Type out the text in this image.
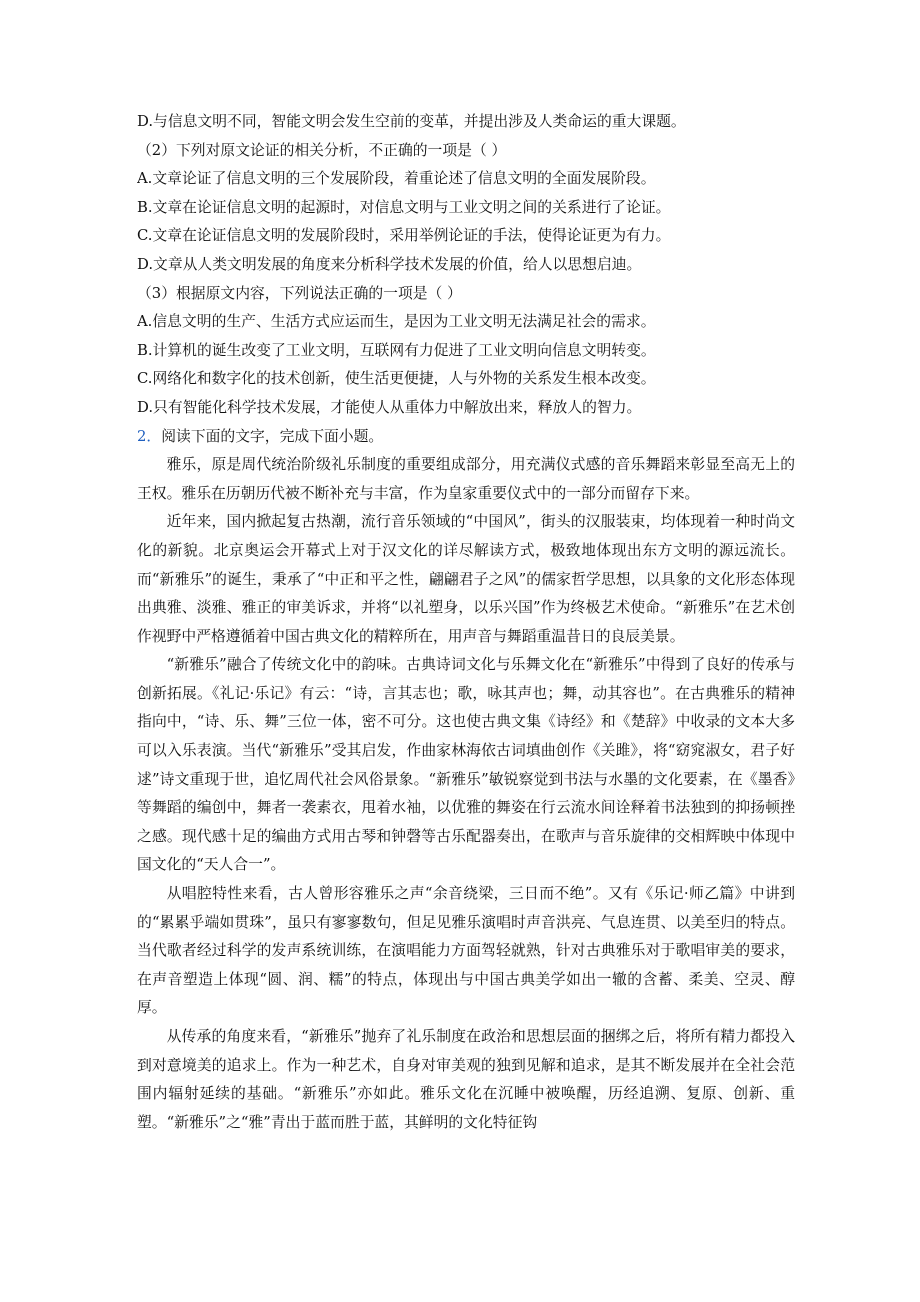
D.与信息文明不同，智能文明会发生空前的变革，并提出涉及人类命运的重大课题。
（2）下列对原文论证的相关分析，不正确的一项是（ ）
A.文章论证了信息文明的三个发展阶段，着重论述了信息文明的全面发展阶段。
B.文章在论证信息文明的起源时，对信息文明与工业文明之间的关系进行了论证。
C.文章在论证信息文明的发展阶段时，采用举例论证的手法，使得论证更为有力。
D.文章从人类文明发展的角度来分析科学技术发展的价值，给人以思想启迪。
（3）根据原文内容，下列说法正确的一项是（ ）
A.信息文明的生产、生活方式应运而生，是因为工业文明无法满足社会的需求。
B.计算机的诞生改变了工业文明，互联网有力促进了工业文明向信息文明转变。
C.网络化和数字化的技术创新，使生活更便捷，人与外物的关系发生根本改变。
D.只有智能化科学技术发展，才能使人从重体力中解放出来，释放人的智力。
2．阅读下面的文字，完成下面小题。

雅乐，原是周代统治阶级礼乐制度的重要组成部分，用充满仪式感的音乐舞蹈来彰显至高无上的王权。雅乐在历朝历代被不断补充与丰富，作为皇家重要仪式中的一部分而留存下来。

近年来，国内掀起复古热潮，流行音乐领域的“中国风”，街头的汉服装束，均体现着一种时尚文化的新貌。北京奥运会开幕式上对于汉文化的详尽解读方式，极致地体现出东方文明的源远流长。而“新雅乐”的诞生，秉承了“中正和平之性，翩翩君子之风”的儒家哲学思想，以具象的文化形态体现出典雅、淡雅、雅正的审美诉求，并将“以礼塑身，以乐兴国”作为终极艺术使命。“新雅乐”在艺术创作视野中严格遵循着中国古典文化的精粹所在，用声音与舞蹈重温昔日的良辰美景。

“新雅乐”融合了传统文化中的韵味。古典诗词文化与乐舞文化在“新雅乐”中得到了良好的传承与创新拓展。《礼记·乐记》有云：“诗，言其志也；歌，咏其声也；舞，动其容也”。在古典雅乐的精神指向中，“诗、乐、舞”三位一体，密不可分。这也使古典文集《诗经》和《楚辞》中收录的文本大多可以入乐表演。当代“新雅乐”受其启发，作曲家林海依古词填曲创作《关雎》，将“窈窕淑女，君子好逑”诗文重现于世，追忆周代社会风俗景象。“新雅乐”敏锐察觉到书法与水墨的文化要素，在《墨香》等舞蹈的编创中，舞者一袭素衣，甩着水袖，以优雅的舞姿在行云流水间诠释着书法独到的抑扬顿挫之感。现代感十足的编曲方式用古琴和钟磬等古乐配器奏出，在歌声与音乐旋律的交相辉映中体现中国文化的“天人合一”。

从唱腔特性来看，古人曾形容雅乐之声“余音绕梁，三日而不绝”。又有《乐记·师乙篇》中讲到的“累累乎端如贯珠”，虽只有寥寥数句，但足见雅乐演唱时声音洪亮、气息连贯、以美至归的特点。当代歌者经过科学的发声系统训练，在演唱能力方面驾轻就熟，针对古典雅乐对于歌唱审美的要求，在声音塑造上体现“圆、润、糯”的特点，体现出与中国古典美学如出一辙的含蓄、柔美、空灵、醇厚。

从传承的角度来看，“新雅乐”抛弃了礼乐制度在政治和思想层面的捆绑之后，将所有精力都投入到对意境美的追求上。作为一种艺术，自身对审美观的独到见解和追求，是其不断发展并在全社会范围内辐射延续的基础。“新雅乐”亦如此。雅乐文化在沉睡中被唤醒，历经追溯、复原、创新、重塑。“新雅乐”之“雅”青出于蓝而胜于蓝，其鲜明的文化特征钩
